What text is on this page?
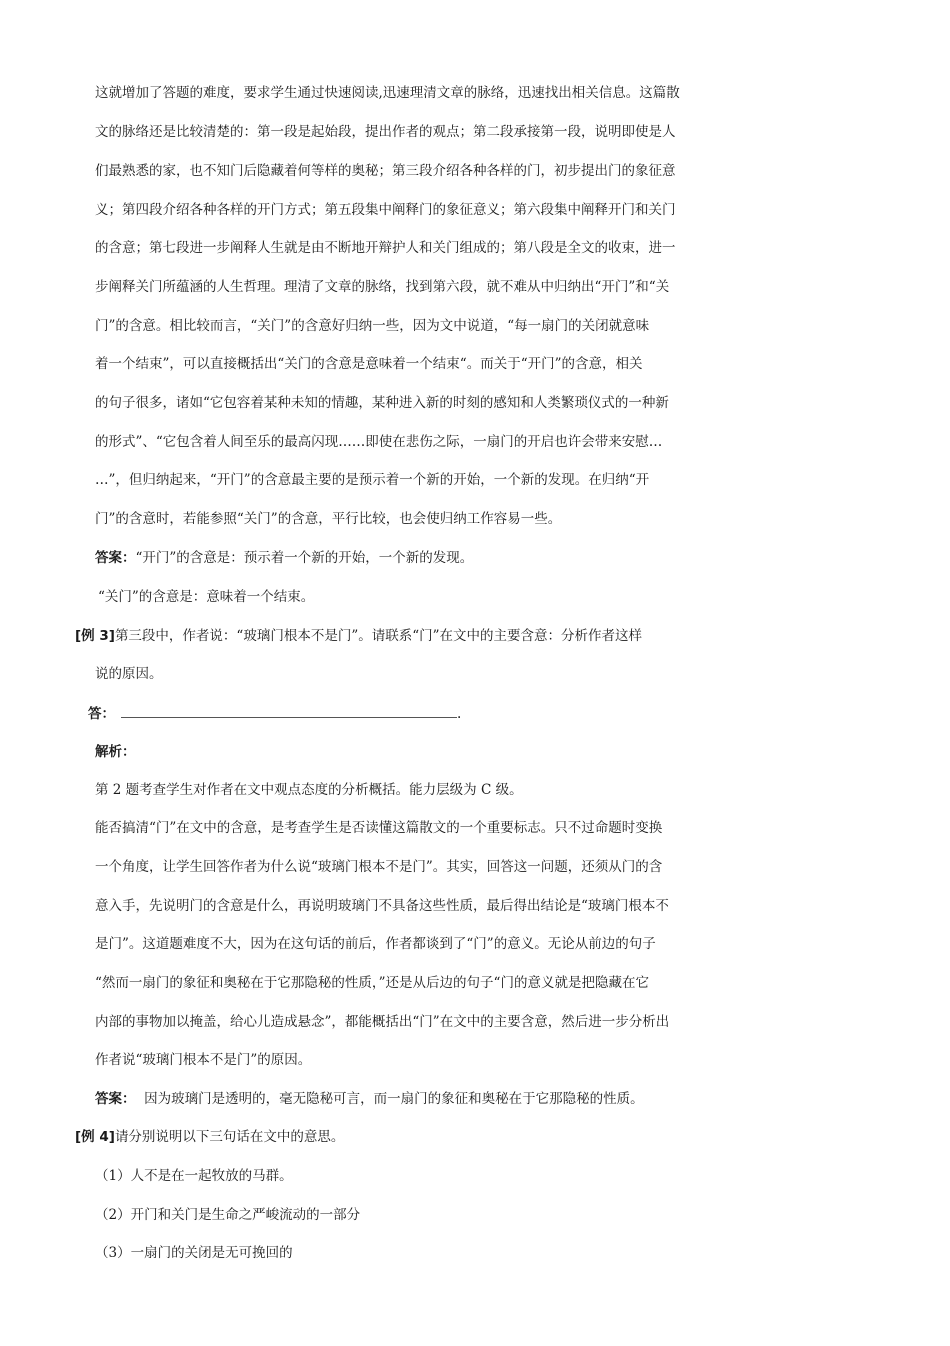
这就增加了答题的难度，要求学生通过快速阅读,迅速理清文章的脉络，迅速找出相关信息。这篇散
文的脉络还是比较清楚的：第一段是起始段，提出作者的观点；第二段承接第一段，说明即使是人
们最熟悉的家，也不知门后隐藏着何等样的奥秘；第三段介绍各种各样的门，初步提出门的象征意
义；第四段介绍各种各样的开门方式；第五段集中阐释门的象征意义；第六段集中阐释开门和关门
的含意；第七段进一步阐释人生就是由不断地开辩护人和关门组成的；第八段是全文的收束，进一
步阐释关门所蕴涵的人生哲理。理清了文章的脉络，找到第六段，就不难从中归纳出“开门”和“关
门”的含意。相比较而言，“关门”的含意好归纳一些，因为文中说道，“每一扇门的关闭就意味
着一个结束”，可以直接概括出“关门的含意是意味着一个结束“。而关于“开门”的含意，相关
的句子很多，诸如“它包容着某种未知的情趣，某种进入新的时刻的感知和人类繁琐仪式的一种新
的形式”、“它包含着人间至乐的最高闪现……即使在悲伤之际，一扇门的开启也许会带来安慰…
…”，但归纳起来，“开门”的含意最主要的是预示着一个新的开始，一个新的发现。在归纳“开
门”的含意时，若能参照“关门”的含意，平行比较，也会使归纳工作容易一些。
答案：“开门”的含意是：预示着一个新的开始，一个新的发现。
“关门”的含意是：意味着一个结束。
[例 3]第三段中，作者说：“玻璃门根本不是门”。请联系“门”在文中的主要含意：分析作者这样
说的原因。
答：	.
解析：
第 2 题考查学生对作者在文中观点态度的分析概括。能力层级为 C 级。
能否搞清“门”在文中的含意，是考查学生是否读懂这篇散文的一个重要标志。只不过命题时变换
一个角度，让学生回答作者为什么说“玻璃门根本不是门”。其实，回答这一问题，还须从门的含
意入手，先说明门的含意是什么，再说明玻璃门不具备这些性质，最后得出结论是“玻璃门根本不
是门”。这道题难度不大，因为在这句话的前后，作者都谈到了“门”的意义。无论从前边的句子
“然而一扇门的象征和奥秘在于它那隐秘的性质，”还是从后边的句子“门的意义就是把隐藏在它
内部的事物加以掩盖，给心儿造成悬念”，都能概括出“门”在文中的主要含意，然后进一步分析出
作者说“玻璃门根本不是门”的原因。
答案： 因为玻璃门是透明的，毫无隐秘可言，而一扇门的象征和奥秘在于它那隐秘的性质。
[例 4]请分别说明以下三句话在文中的意思。
（1）人不是在一起牧放的马群。
（2）开门和关门是生命之严峻流动的一部分
（3）一扇门的关闭是无可挽回的
